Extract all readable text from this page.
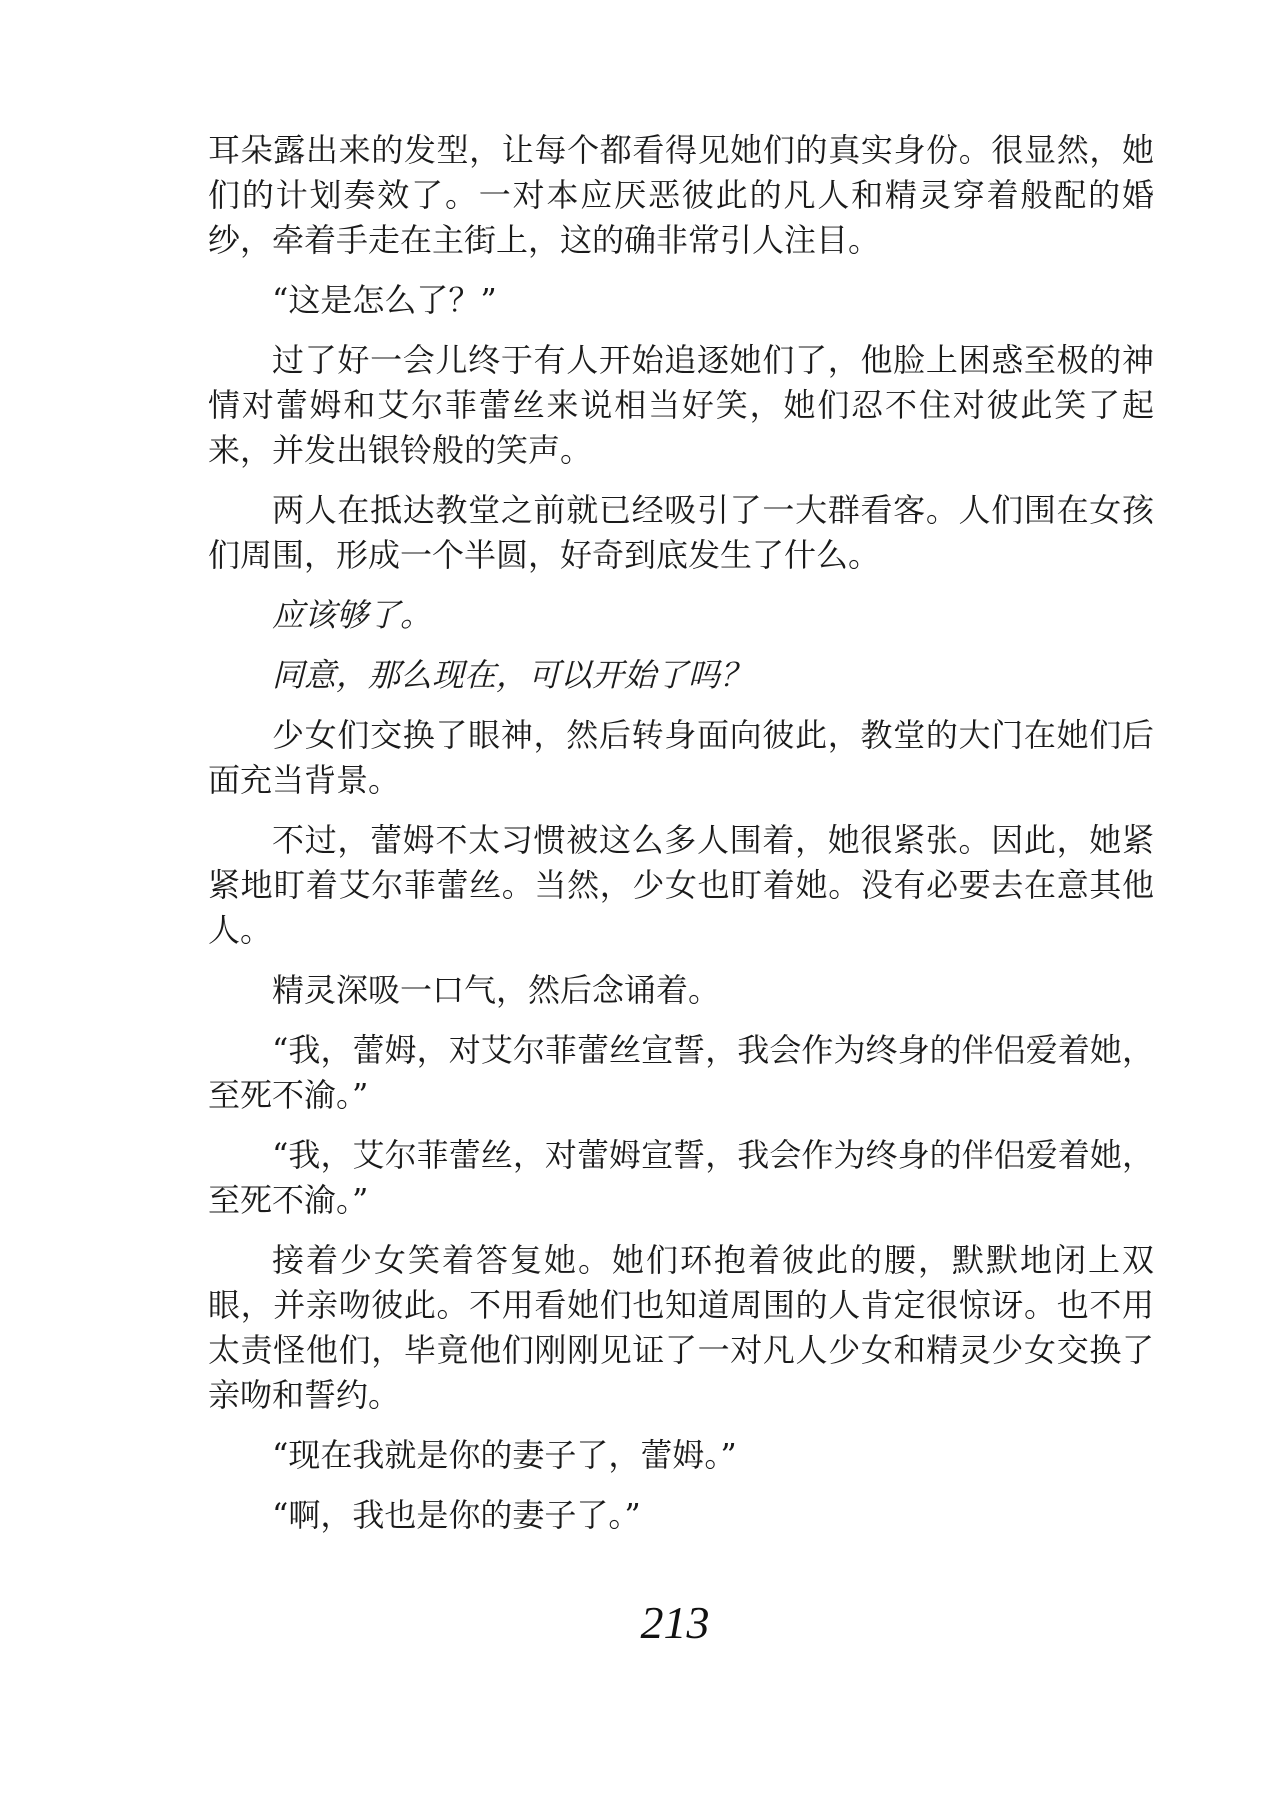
耳朵露出来的发型，让每个都看得见她们的真实身份。很显然，她们的计划奏效了。一对本应厌恶彼此的凡人和精灵穿着般配的婚纱，牵着手走在主街上，这的确非常引人注目。

“这是怎么了？”

过了好一会儿终于有人开始追逐她们了，他脸上困惑至极的神情对蕾姆和艾尔菲蕾丝来说相当好笑，她们忍不住对彼此笑了起来，并发出银铃般的笑声。

两人在抵达教堂之前就已经吸引了一大群看客。人们围在女孩们周围，形成一个半圆，好奇到底发生了什么。

应该够了。

同意，那么现在，可以开始了吗？

少女们交换了眼神，然后转身面向彼此，教堂的大门在她们后面充当背景。

不过，蕾姆不太习惯被这么多人围着，她很紧张。因此，她紧紧地盯着艾尔菲蕾丝。当然，少女也盯着她。没有必要去在意其他人。

精灵深吸一口气，然后念诵着。

“我，蕾姆，对艾尔菲蕾丝宣誓，我会作为终身的伴侣爱着她，至死不渝。”

“我，艾尔菲蕾丝，对蕾姆宣誓，我会作为终身的伴侣爱着她，至死不渝。”

接着少女笑着答复她。她们环抱着彼此的腰，默默地闭上双眼，并亲吻彼此。不用看她们也知道周围的人肯定很惊讶。也不用太责怪他们，毕竟他们刚刚见证了一对凡人少女和精灵少女交换了亲吻和誓约。

“现在我就是你的妻子了，蕾姆。”

“啊，我也是你的妻子了。”

213
